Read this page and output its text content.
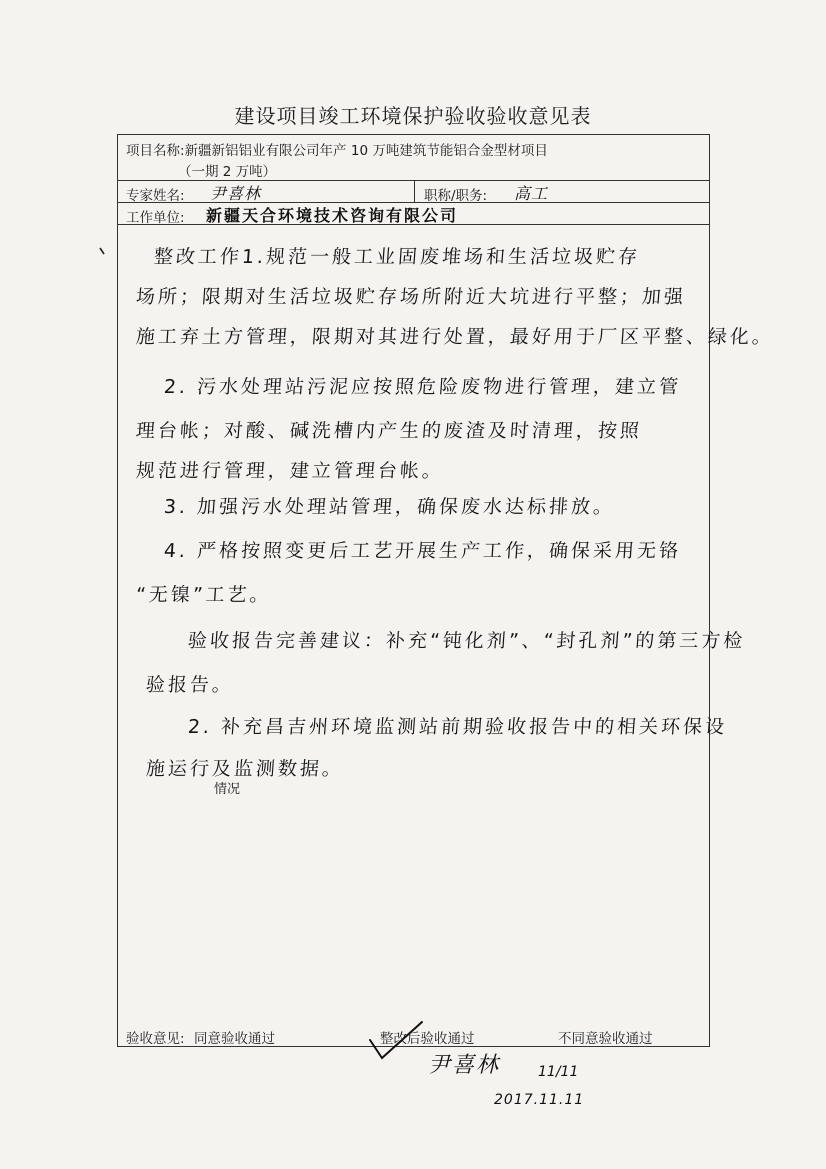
建设项目竣工环境保护验收验收意见表
项目名称:新疆新铝铝业有限公司年产 10 万吨建筑节能铝合金型材项目
（一期 2 万吨）
专家姓名: 尹喜林	职称/职务: 高工
工作单位: 新疆天合环境技术咨询有限公司
整改工作1.规范一般工业固废堆场和生活垃圾贮存
场所；限期对生活垃圾贮存场所附近大坑进行平整；加强
施工弃土方管理，限期对其进行处置，最好用于厂区平整、绿化。
2. 污水处理站污泥应按照危险废物进行管理，建立管
理台帐；对酸、碱洗槽内产生的废渣及时清理，按照
规范进行管理，建立管理台帐。
3. 加强污水处理站管理，确保废水达标排放。
4. 严格按照变更后工艺开展生产工作，确保采用无铬
“无镍”工艺。
验收报告完善建议：补充“钝化剂”、“封孔剂”的第三方检
验报告。
2. 补充昌吉州环境监测站前期验收报告中的相关环保设
施运行及监测数据。
情况
验收意见: 同意验收通过	整改后验收通过	不同意验收通过
尹喜林	11/11
2017.11.11
